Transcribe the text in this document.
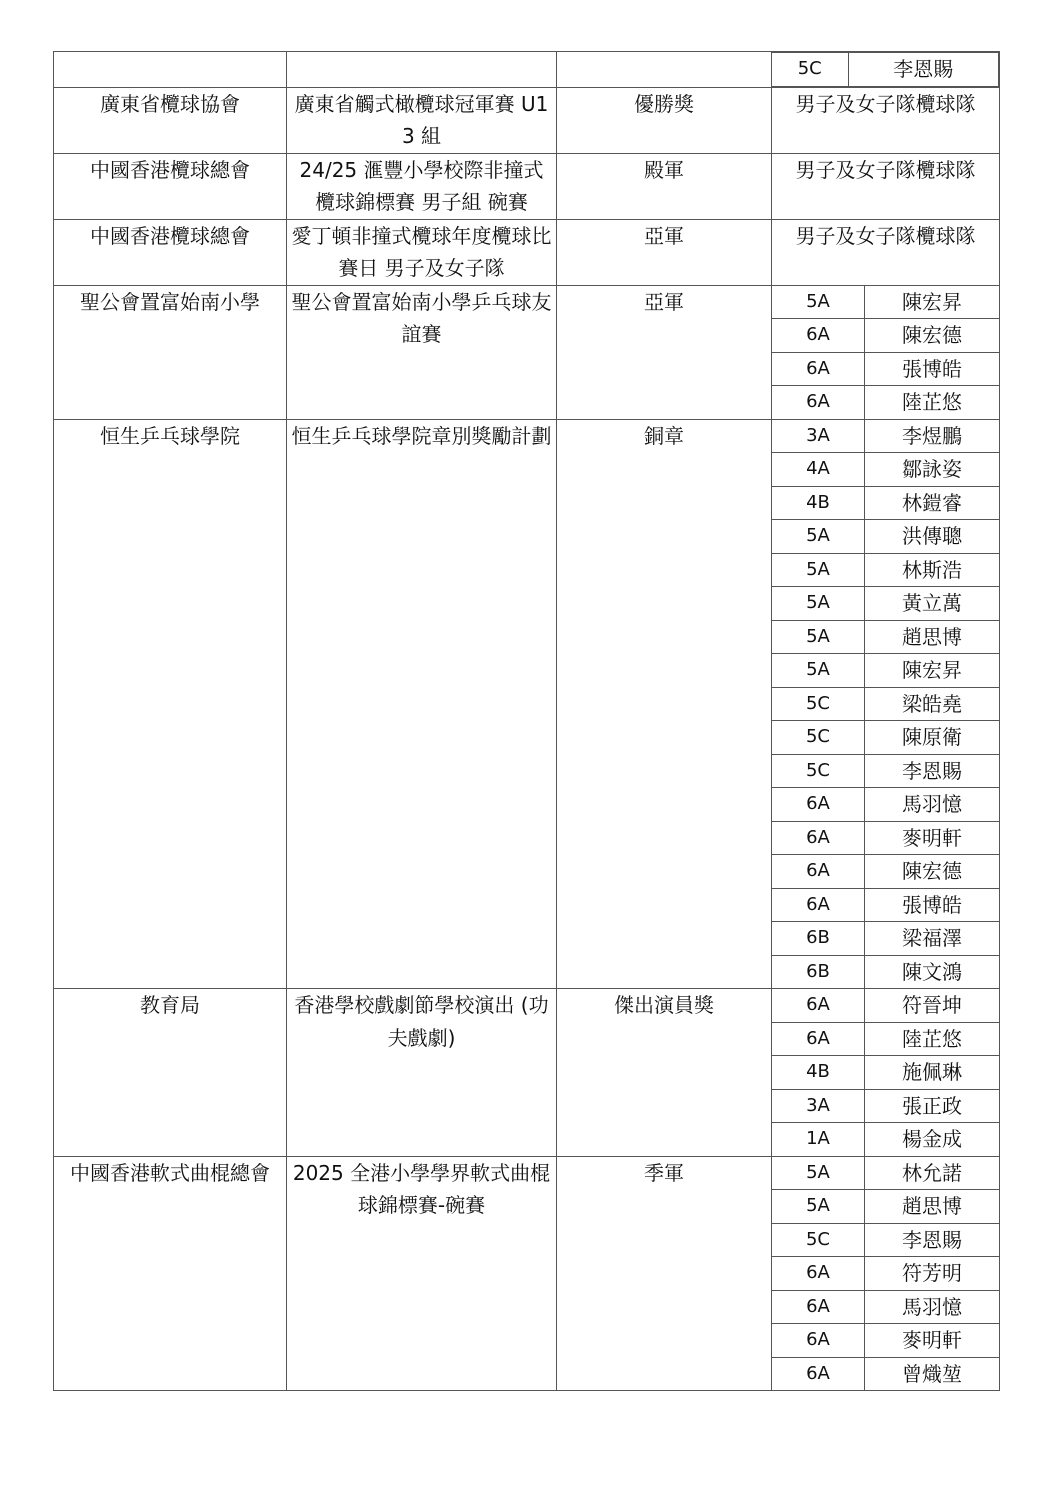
5C	李恩賜

廣東省欖球協會	廣東省觸式橄欖球冠軍賽 U13 組	優勝獎	男子及女子隊欖球隊
中國香港欖球總會	24/25 滙豐小學校際非撞式欖球錦標賽 男子組 碗賽	殿軍	男子及女子隊欖球隊
中國香港欖球總會	愛丁頓非撞式欖球年度欖球比賽日 男子及女子隊	亞軍	男子及女子隊欖球隊
聖公會置富始南小學	聖公會置富始南小學乒乓球友誼賽	亞軍	5A	陳宏昇
6A	陳宏德
6A	張博皓
6A	陸芷悠
恒生乒乓球學院	恒生乒乓球學院章別獎勵計劃	銅章	3A	李煜鵬
4A	鄒詠姿
4B	林鎧睿
5A	洪傳聰
5A	林斯浩
5A	黃立萬
5A	趙思博
5A	陳宏昇
5C	梁皓堯
5C	陳原衛
5C	李恩賜
6A	馬羽憶
6A	麥明軒
6A	陳宏德
6A	張博皓
6B	梁福澤
6B	陳文鴻
教育局	香港學校戲劇節學校演出 (功夫戲劇)	傑出演員獎	6A	符晉坤
6A	陸芷悠
4B	施佩琳
3A	張正政
1A	楊金成
中國香港軟式曲棍總會	2025 全港小學學界軟式曲棍球錦標賽-碗賽	季軍	5A	林允諾
5A	趙思博
5C	李恩賜
6A	符芳明
6A	馬羽憶
6A	麥明軒
6A	曾熾堃
